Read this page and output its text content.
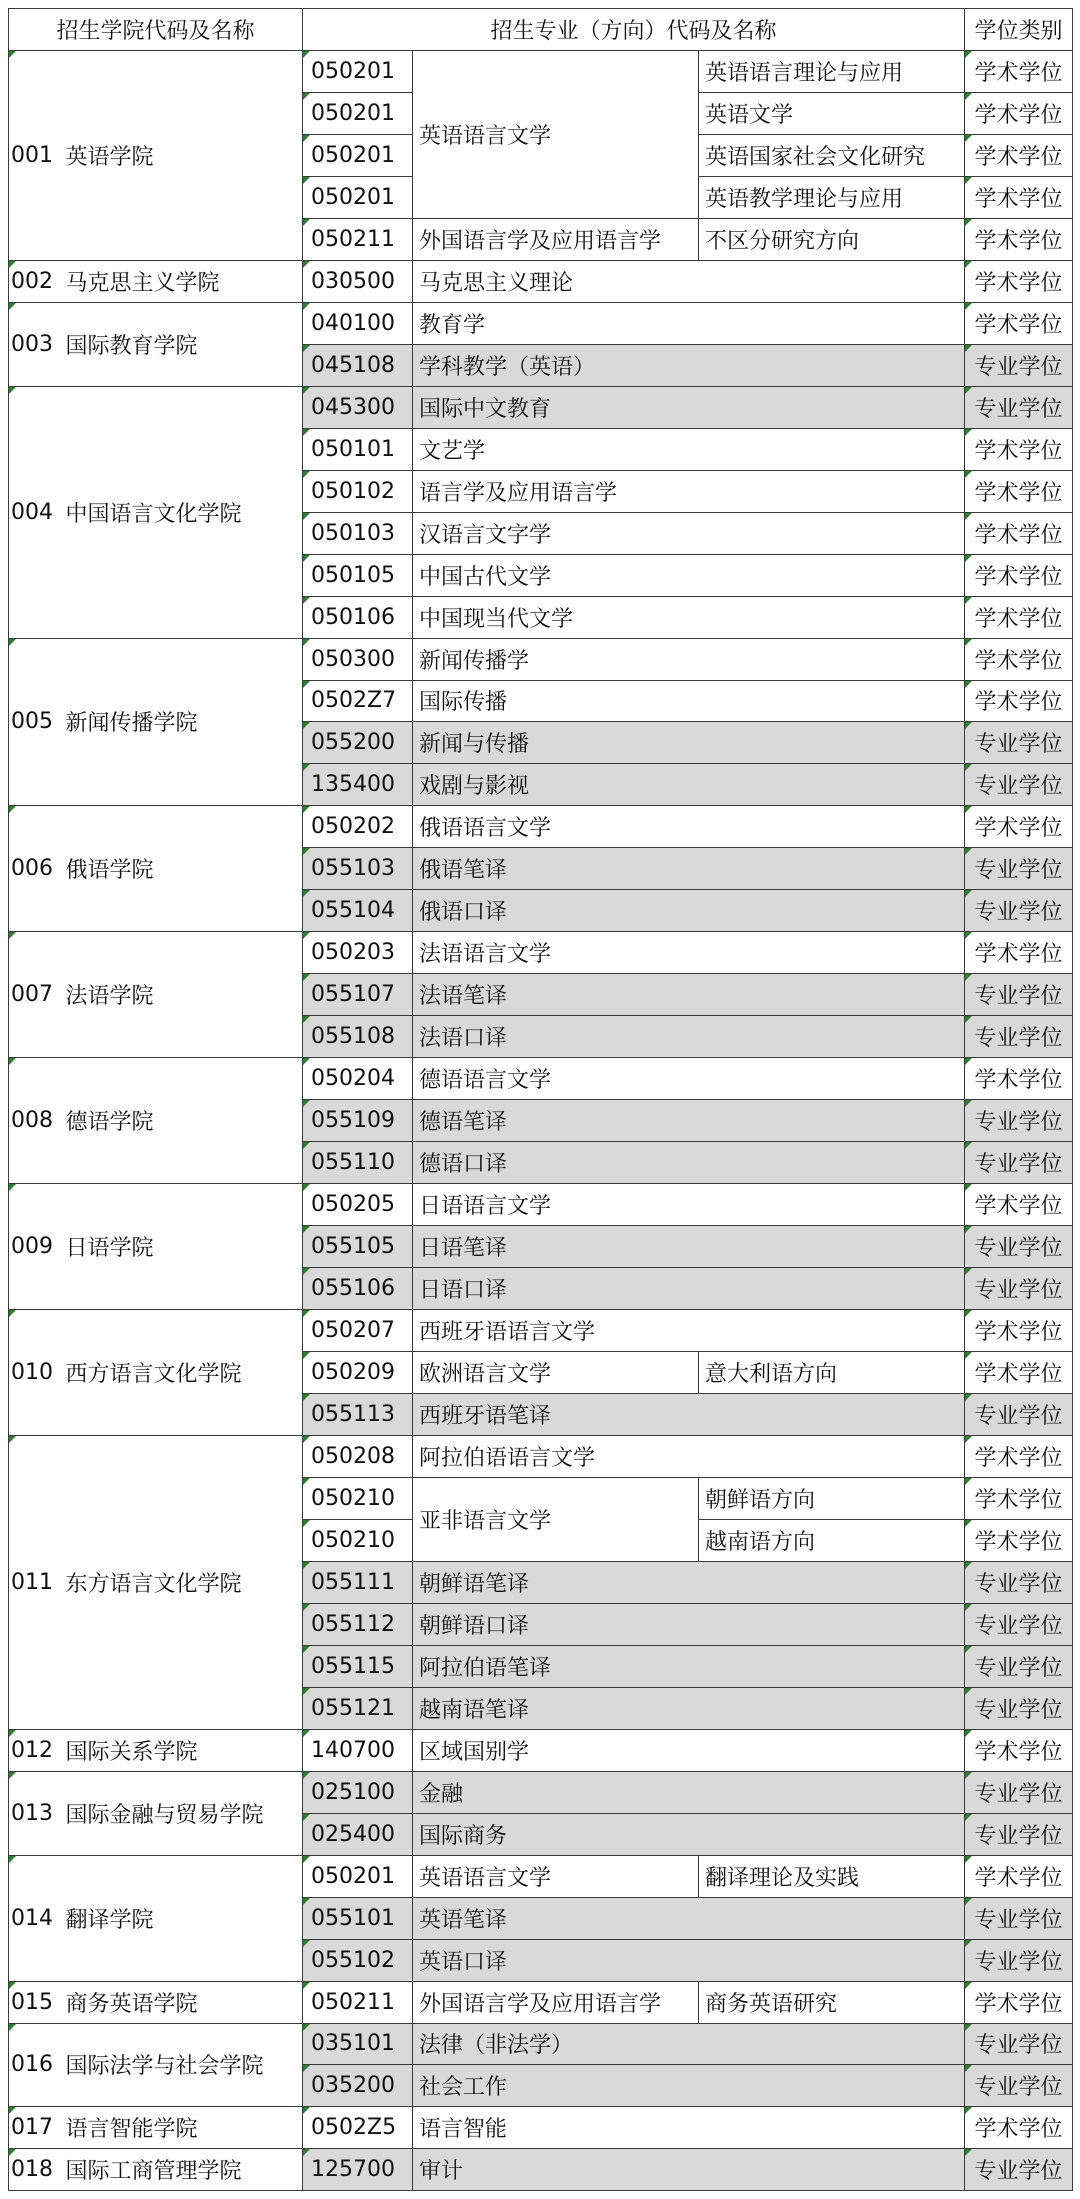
招生学院代码及名称		招生专业（方向）代码及名称			学位类别
001	英语学院	050201	英语语言文学	英语语言理论与应用	学术学位

		050201		英语文学	学术学位

		050201		英语国家社会文化研究	学术学位

		050201		英语教学理论与应用	学术学位

		050211	外国语言学及应用语言学	不区分研究方向	学术学位

002	马克思主义学院	030500	马克思主义理论		学术学位

003	国际教育学院	040100	教育学		学术学位

		045108	学科教学（英语）		专业学位

004	中国语言文化学院	045300	国际中文教育		专业学位

		050101	文艺学		学术学位

		050102	语言学及应用语言学		学术学位

		050103	汉语言文字学		学术学位

		050105	中国古代文学		学术学位

		050106	中国现当代文学		学术学位

005	新闻传播学院	050300	新闻传播学		学术学位

		0502Z7	国际传播		学术学位

		055200	新闻与传播		专业学位

		135400	戏剧与影视		专业学位

006	俄语学院	050202	俄语语言文学		学术学位

		055103	俄语笔译		专业学位

		055104	俄语口译		专业学位

007	法语学院	050203	法语语言文学		学术学位

		055107	法语笔译		专业学位

		055108	法语口译		专业学位

008	德语学院	050204	德语语言文学		学术学位

		055109	德语笔译		专业学位

		055110	德语口译		专业学位

009	日语学院	050205	日语语言文学		学术学位

		055105	日语笔译		专业学位

		055106	日语口译		专业学位

010	西方语言文化学院	050207	西班牙语语言文学		学术学位

		050209	欧洲语言文学	意大利语方向	学术学位

		055113	西班牙语笔译		专业学位

011	东方语言文化学院	050208	阿拉伯语语言文学		学术学位

		050210	亚非语言文学	朝鲜语方向	学术学位

		050210		越南语方向	学术学位

		055111	朝鲜语笔译		专业学位

		055112	朝鲜语口译		专业学位

		055115	阿拉伯语笔译		专业学位

		055121	越南语笔译		专业学位

012	国际关系学院	140700	区域国别学		学术学位

013	国际金融与贸易学院	025100	金融		专业学位

		025400	国际商务		专业学位

014	翻译学院	050201	英语语言文学	翻译理论及实践	学术学位

		055101	英语笔译		专业学位

		055102	英语口译		专业学位

015	商务英语学院	050211	外国语言学及应用语言学	商务英语研究	学术学位

016	国际法学与社会学院	035101	法律（非法学）		专业学位

		035200	社会工作		专业学位

017	语言智能学院	0502Z5	语言智能		学术学位

018	国际工商管理学院	125700	审计		专业学位
